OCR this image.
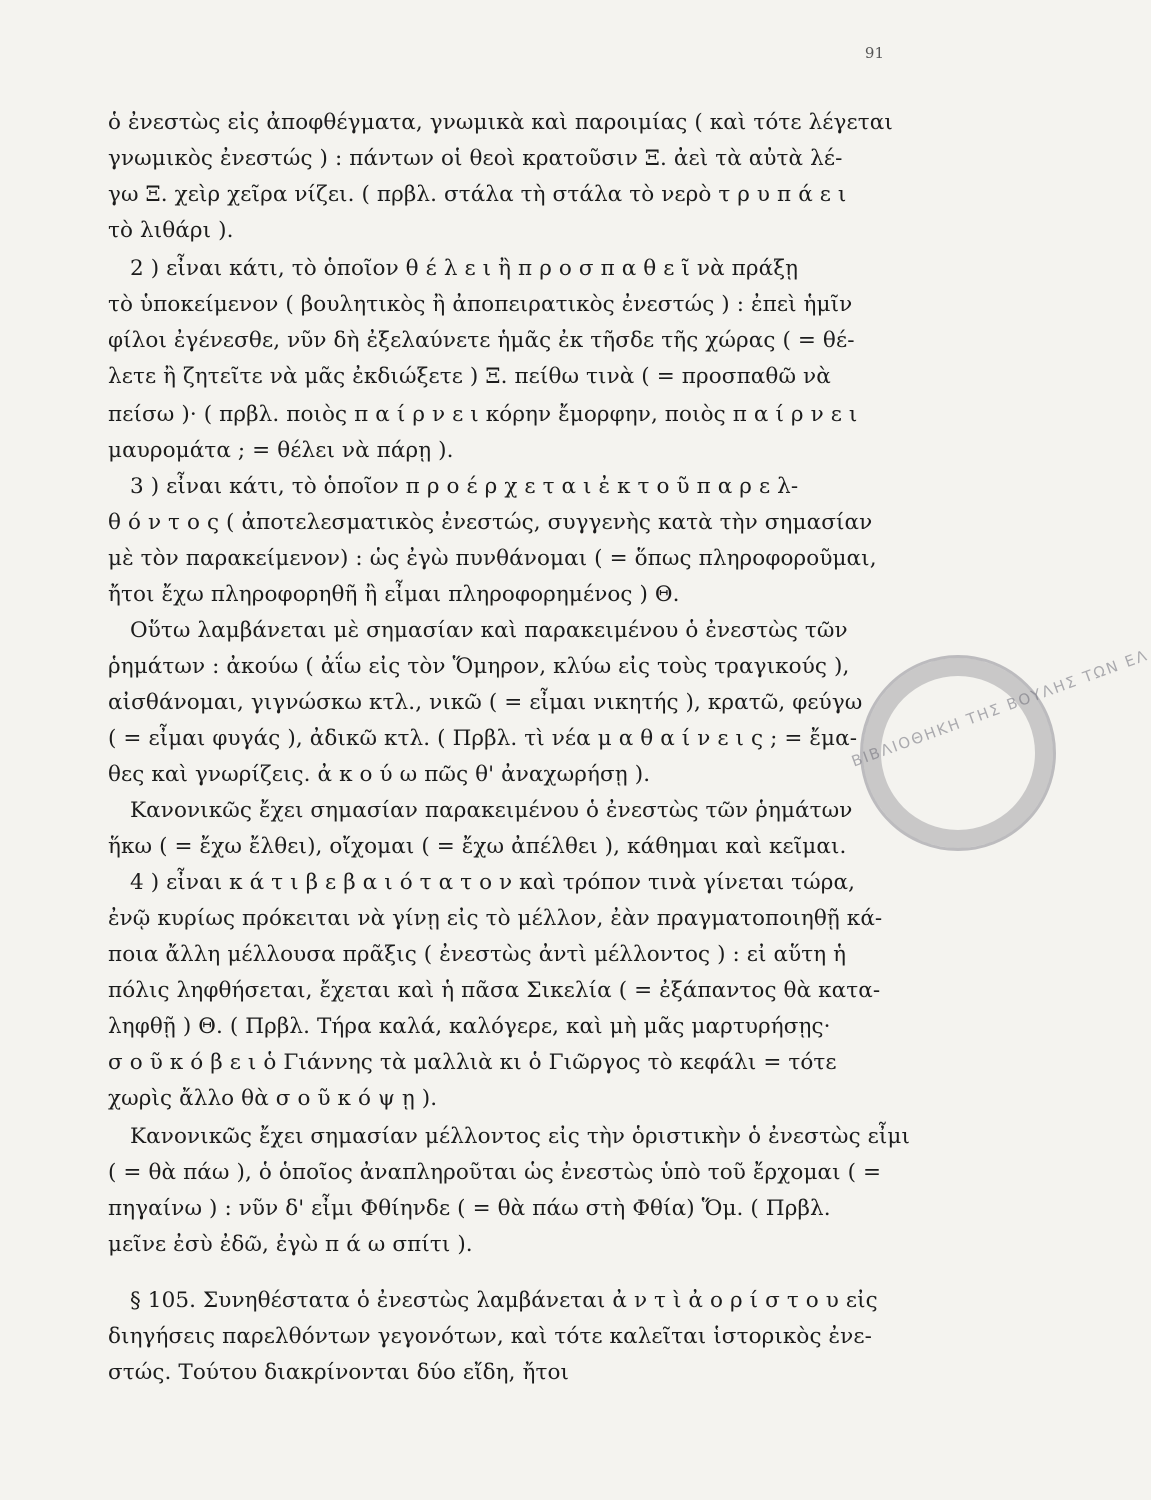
91
ὁ ἐνεστὼς εἰς ἀποφθέγματα, γνωμικὰ καὶ παροιμίας ( καὶ τότε λέγεται
γνωμικὸς ἐνεστώς ) : πάντων οἱ θεοὶ κρατοῦσιν Ξ. ἀεὶ τὰ αὐτὰ λέ-
γω Ξ. χεὶρ χεῖρα νίζει. ( πρβλ. στάλα τὴ στάλα τὸ νερὸ τ ρ υ π ά ε ι
τὸ λιθάρι ).
2 ) εἶναι κάτι, τὸ ὁποῖον θ έ λ ε ι ἢ π ρ ο σ π α θ ε ῖ νὰ πράξῃ
τὸ ὑποκείμενον ( βουλητικὸς ἢ ἀποπειρατικὸς ἐνεστώς ) : ἐπεὶ ἡμῖν
φίλοι ἐγένεσθε, νῦν δὴ ἐξελαύνετε ἡμᾶς ἐκ τῆσδε τῆς χώρας ( = θέ-
λετε ἢ ζητεῖτε νὰ μᾶς ἐκδιώξετε ) Ξ. πείθω τινὰ ( = προσπαθῶ νὰ
πείσω )· ( πρβλ. ποιὸς π α ί ρ ν ε ι κόρην ἔμορφην, ποιὸς π α ί ρ ν ε ι
μαυρομάτα ; = θέλει νὰ πάρῃ ).
3 ) εἶναι κάτι, τὸ ὁποῖον π ρ ο έ ρ χ ε τ α ι ἐ κ τ ο ῦ π α ρ ε λ-
θ ό ν τ ο ς ( ἀποτελεσματικὸς ἐνεστώς, συγγενὴς κατὰ τὴν σημασίαν
μὲ τὸν παρακείμενον) : ὡς ἐγὼ πυνθάνομαι ( = ὅπως πληροφοροῦμαι,
ἤτοι ἔχω πληροφορηθῆ ἢ εἶμαι πληροφορημένος ) Θ.
Οὕτω λαμβάνεται μὲ σημασίαν καὶ παρακειμένου ὁ ἐνεστὼς τῶν
ῥημάτων : ἀκούω ( ἀΐω εἰς τὸν Ὅμηρον, κλύω εἰς τοὺς τραγικούς ),
αἰσθάνομαι, γιγνώσκω κτλ., νικῶ ( = εἶμαι νικητής ), κρατῶ, φεύγω
( = εἶμαι φυγάς ), ἀδικῶ κτλ. ( Πρβλ. τὶ νέα μ α θ α ί ν ε ι ς ; = ἔμα-
θες καὶ γνωρίζεις. ἀ κ ο ύ ω πῶς θ' ἀναχωρήσῃ ).
Κανονικῶς ἔχει σημασίαν παρακειμένου ὁ ἐνεστὼς τῶν ῥημάτων
ἥκω ( = ἔχω ἔλθει), οἴχομαι ( = ἔχω ἀπέλθει ), κάθημαι καὶ κεῖμαι.
4 ) εἶναι κ ά τ ι β ε β α ι ό τ α τ ο ν καὶ τρόπον τινὰ γίνεται τώρα,
ἐνῷ κυρίως πρόκειται νὰ γίνῃ εἰς τὸ μέλλον, ἐὰν πραγματοποιηθῇ κά-
ποια ἄλλη μέλλουσα πρᾶξις ( ἐνεστὼς ἀντὶ μέλλοντος ) : εἰ αὕτη ἡ
πόλις ληφθήσεται, ἔχεται καὶ ἡ πᾶσα Σικελία ( = ἐξάπαντος θὰ κατα-
ληφθῇ ) Θ. ( Πρβλ. Τήρα καλά, καλόγερε, καὶ μὴ μᾶς μαρτυρήσῃς·
σ ο ῦ κ ό β ε ι ὁ Γιάννης τὰ μαλλιὰ κι ὁ Γιῶργος τὸ κεφάλι = τότε
χωρὶς ἄλλο θὰ σ ο ῦ κ ό ψ ῃ ).
Κανονικῶς ἔχει σημασίαν μέλλοντος εἰς τὴν ὁριστικὴν ὁ ἐνεστὼς εἶμι
( = θὰ πάω ), ὁ ὁποῖος ἀναπληροῦται ὡς ἐνεστὼς ὑπὸ τοῦ ἔρχομαι ( =
πηγαίνω ) : νῦν δ' εἶμι Φθίηνδε ( = θὰ πάω στὴ Φθία) Ὅμ. ( Πρβλ.
μεῖνε ἐσὺ ἐδῶ, ἐγὼ π ά ω σπίτι ).
§ 105. Συνηθέστατα ὁ ἐνεστὼς λαμβάνεται ἀ ν τ ὶ ἀ ο ρ ί σ τ ο υ εἰς
διηγήσεις παρελθόντων γεγονότων, καὶ τότε καλεῖται ἱστορικὸς ἐνε-
στώς. Τούτου διακρίνονται δύο εἴδη, ἤτοι
ΒΙΒΛΙΟΘΗΚΗ ΤΗΣ ΒΟΥΛΗΣ ΤΩΝ ΕΛ
